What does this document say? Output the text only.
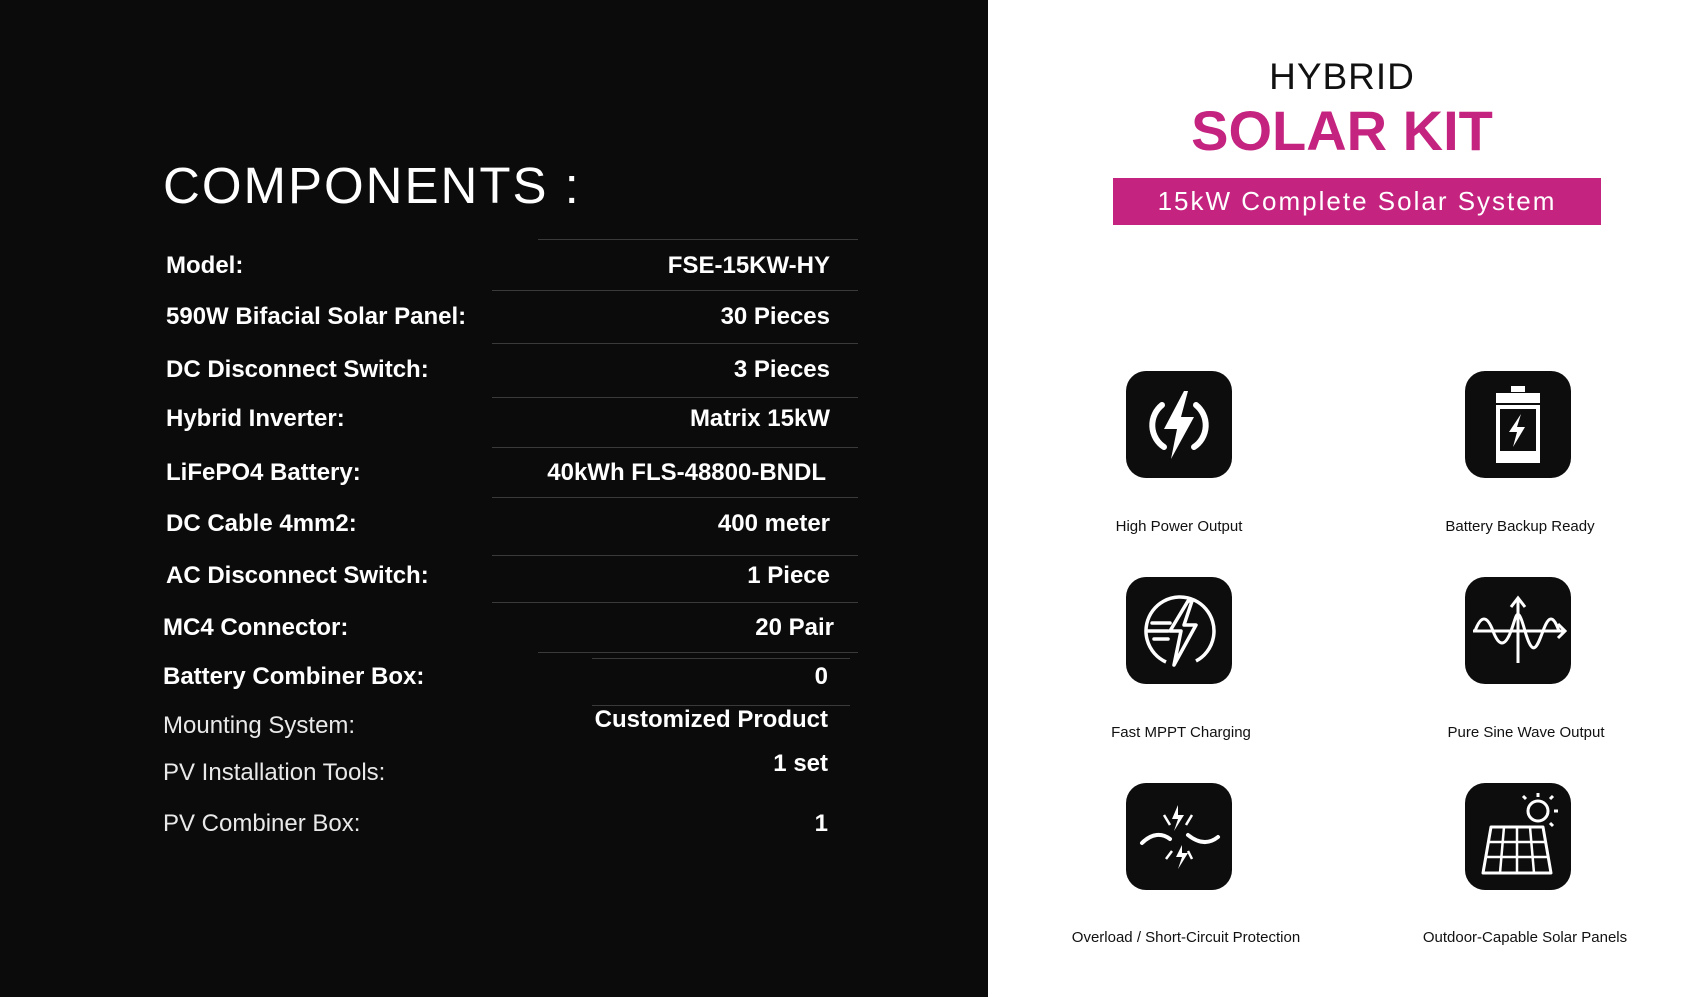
COMPONENTS :
Model:	FSE-15KW-HY
590W Bifacial Solar Panel:	30 Pieces
DC Disconnect Switch:	3 Pieces
Hybrid Inverter:	Matrix 15kW
LiFePO4 Battery:	40kWh FLS-48800-BNDL
DC Cable 4mm2:	400 meter
AC Disconnect Switch:	1 Piece
MC4 Connector:	20 Pair
Battery Combiner Box:	0
Mounting System:	Customized Product
PV Installation Tools:	1 set
PV Combiner Box:	1
HYBRID
SOLAR KIT
15kW Complete Solar System
High Power Output	Battery Backup Ready
Fast MPPT Charging	Pure Sine Wave Output
Overload / Short-Circuit Protection	Outdoor-Capable Solar Panels
